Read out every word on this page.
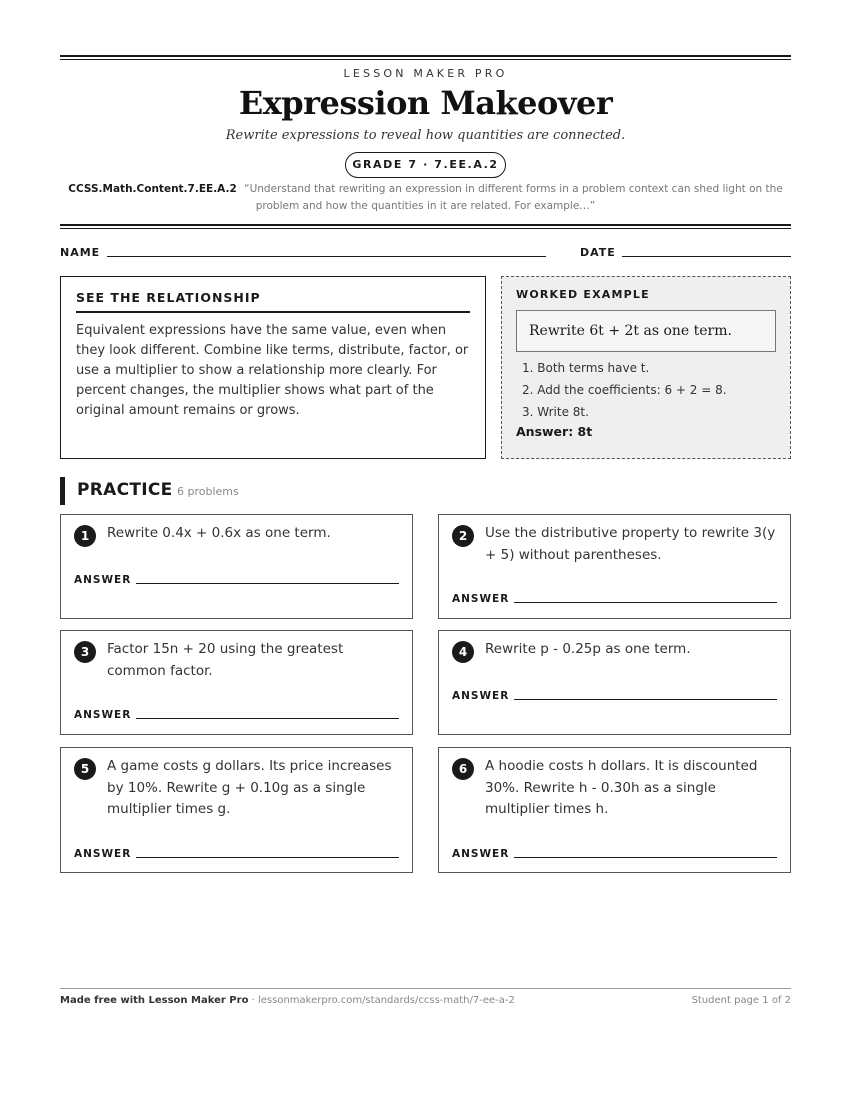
LESSON MAKER PRO
Expression Makeover
Rewrite expressions to reveal how quantities are connected.
GRADE 7 · 7.EE.A.2
CCSS.Math.Content.7.EE.A.2 “Understand that rewriting an expression in different forms in a problem context can shed light on the problem and how the quantities in it are related. For example…”
NAME	DATE
SEE THE RELATIONSHIP
Equivalent expressions have the same value, even when they look different. Combine like terms, distribute, factor, or use a multiplier to show a relationship more clearly. For percent changes, the multiplier shows what part of the original amount remains or grows.
WORKED EXAMPLE
Rewrite 6t + 2t as one term.
1. Both terms have t.
2. Add the coefficients: 6 + 2 = 8.
3. Write 8t.
Answer: 8t
PRACTICE 6 problems
1	Rewrite 0.4x + 0.6x as one term.
ANSWER
2	Use the distributive property to rewrite 3(y + 5) without parentheses.
ANSWER
3	Factor 15n + 20 using the greatest common factor.
ANSWER
4	Rewrite p - 0.25p as one term.
ANSWER
5	A game costs g dollars. Its price increases by 10%. Rewrite g + 0.10g as a single multiplier times g.
ANSWER
6	A hoodie costs h dollars. It is discounted 30%. Rewrite h - 0.30h as a single multiplier times h.
ANSWER
Made free with Lesson Maker Pro · lessonmakerpro.com/standards/ccss-math/7-ee-a-2	Student page 1 of 2
